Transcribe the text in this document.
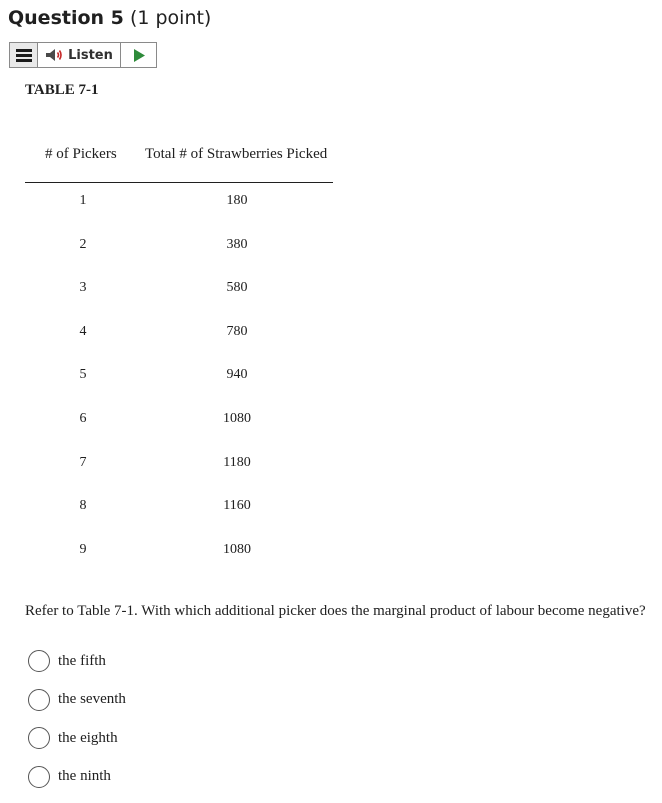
Question 5 (1 point)
Listen
TABLE 7-1
# of Pickers Total # of Strawberries Picked
1	180
2	380
3	580
4	780
5	940
6	1080
7	1180
8	1160
9	1080
Refer to Table 7-1. With which additional picker does the marginal product of labour become negative?
the fifth
the seventh
the eighth
the ninth
